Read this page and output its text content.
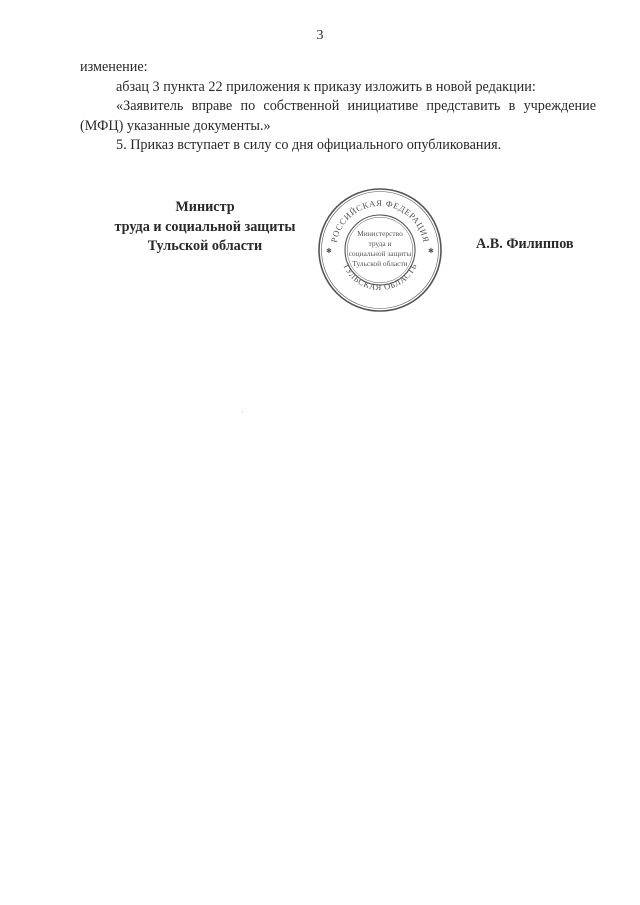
3

изменение:

абзац 3 пункта 22 приложения к приказу изложить в новой редакции:

«Заявитель вправе по собственной инициативе представить в учреждение

(МФЦ) указанные документы.»

5. Приказ вступает в силу со дня официального опубликования.

Министр
труда и социальной защиты
Тульской области	РОССИЙСКАЯ ФЕДЕРАЦИЯ
ТУЛЬСКАЯ ОБЛАСТЬ
✱	✱
Министерство
труда и
социальной защиты
Тульской области
А.В. Филиппов
